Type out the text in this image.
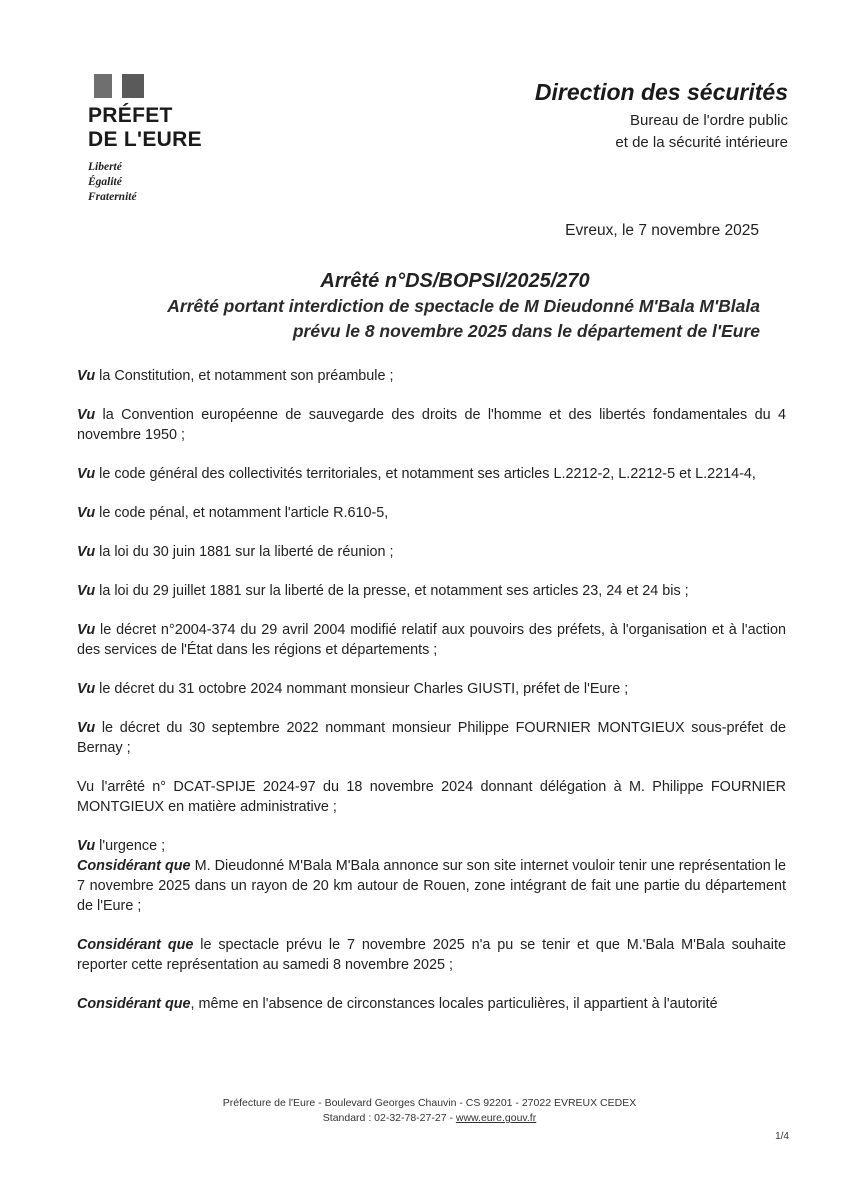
PRÉFET
DE L'EURE
Liberté
Égalité
Fraternité
Direction des sécurités
Bureau de l'ordre public
et de la sécurité intérieure
Evreux, le 7 novembre 2025
Arrêté n°DS/BOPSI/2025/270
Arrêté portant interdiction de spectacle de M Dieudonné M'Bala M'Blala
prévu le 8 novembre 2025 dans le département de l'Eure

Vu la Constitution, et notamment son préambule ;

Vu la Convention européenne de sauvegarde des droits de l'homme et des libertés fondamentales du 4 novembre 1950 ;

Vu le code général des collectivités territoriales, et notamment ses articles L.2212-2, L.2212-5 et L.2214-4,

Vu le code pénal, et notamment l'article R.610-5,

Vu la loi du 30 juin 1881 sur la liberté de réunion ;

Vu la loi du 29 juillet 1881 sur la liberté de la presse, et notamment ses articles 23, 24 et 24 bis ;

Vu le décret n°2004-374 du 29 avril 2004 modifié relatif aux pouvoirs des préfets, à l'organisation et à l'action des services de l'État dans les régions et départements ;

Vu le décret du 31 octobre 2024 nommant monsieur Charles GIUSTI, préfet de l'Eure ;

Vu le décret du 30 septembre 2022 nommant monsieur Philippe FOURNIER MONTGIEUX sous-préfet de Bernay ;

Vu l'arrêté n° DCAT-SPIJE 2024-97 du 18 novembre 2024 donnant délégation à M. Philippe FOURNIER MONTGIEUX en matière administrative ;

Vu l'urgence ;

Considérant que M. Dieudonné M'Bala M'Bala annonce sur son site internet vouloir tenir une représentation le 7 novembre 2025 dans un rayon de 20 km autour de Rouen, zone intégrant de fait une partie du département de l'Eure ;

Considérant que le spectacle prévu le 7 novembre 2025 n'a pu se tenir et que M.'Bala M'Bala souhaite reporter cette représentation au samedi 8 novembre 2025 ;

Considérant que, même en l'absence de circonstances locales particulières, il appartient à l'autorité

Préfecture de l'Eure - Boulevard Georges Chauvin - CS 92201 - 27022 EVREUX CEDEX
Standard : 02-32-78-27-27 - www.eure.gouv.fr
1/4
